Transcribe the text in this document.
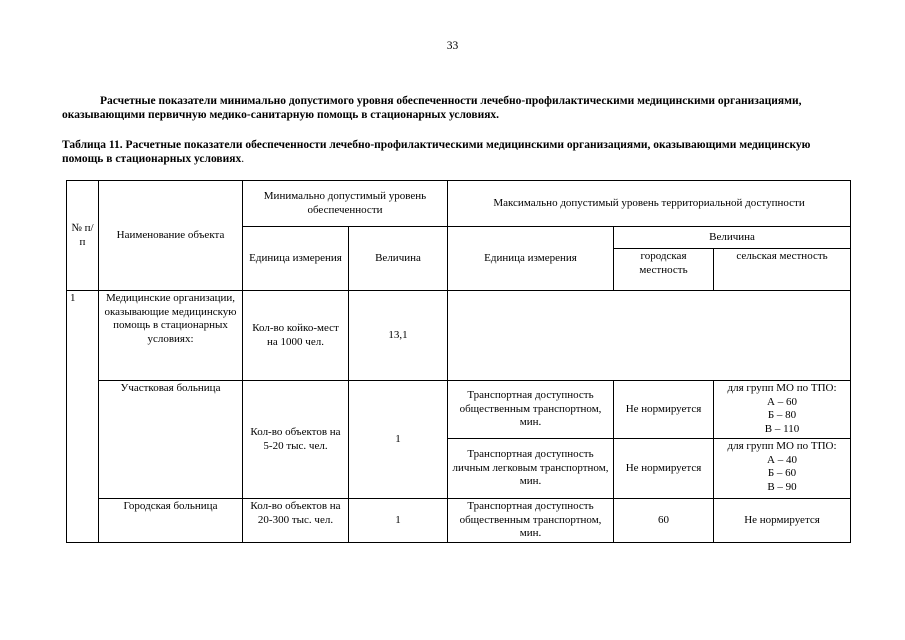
33
Расчетные показатели минимально допустимого уровня обеспеченности лечебно-профилактическими медицинскими организациями, оказывающими первичную медико-санитарную помощь в стационарных условиях.
Таблица 11. Расчетные показатели обеспеченности лечебно-профилактическими медицинскими организациями, оказывающими медицинскую помощь в стационарных условиях.
№ п/п	Наименование объекта	Минимально допустимый уровень обеспеченности		Максимально допустимый уровень территориальной доступности		
		Единица измерения	Величина	Единица измерения	Величина	
					городская местность	сельская местность
1	Медицинские организации, оказывающие медицинскую помощь в стационарных условиях:	Кол-во койко-мест на 1000 чел.	13,1			
	Участковая больница	Кол-во объектов на 5-20 тыс. чел.	1	Транспортная доступность общественным транспортном, мин.	Не нормируется	для групп МО по ТПО:
А – 60
Б – 80
В – 110

				Транспортная доступность личным легковым транспортном, мин.	Не нормируется	для групп МО по ТПО:
А – 40
Б – 60
В – 90

	Городская больница	Кол-во объектов на 20-300 тыс. чел.	1	Транспортная доступность общественным транспортном, мин.	60	Не нормируется
